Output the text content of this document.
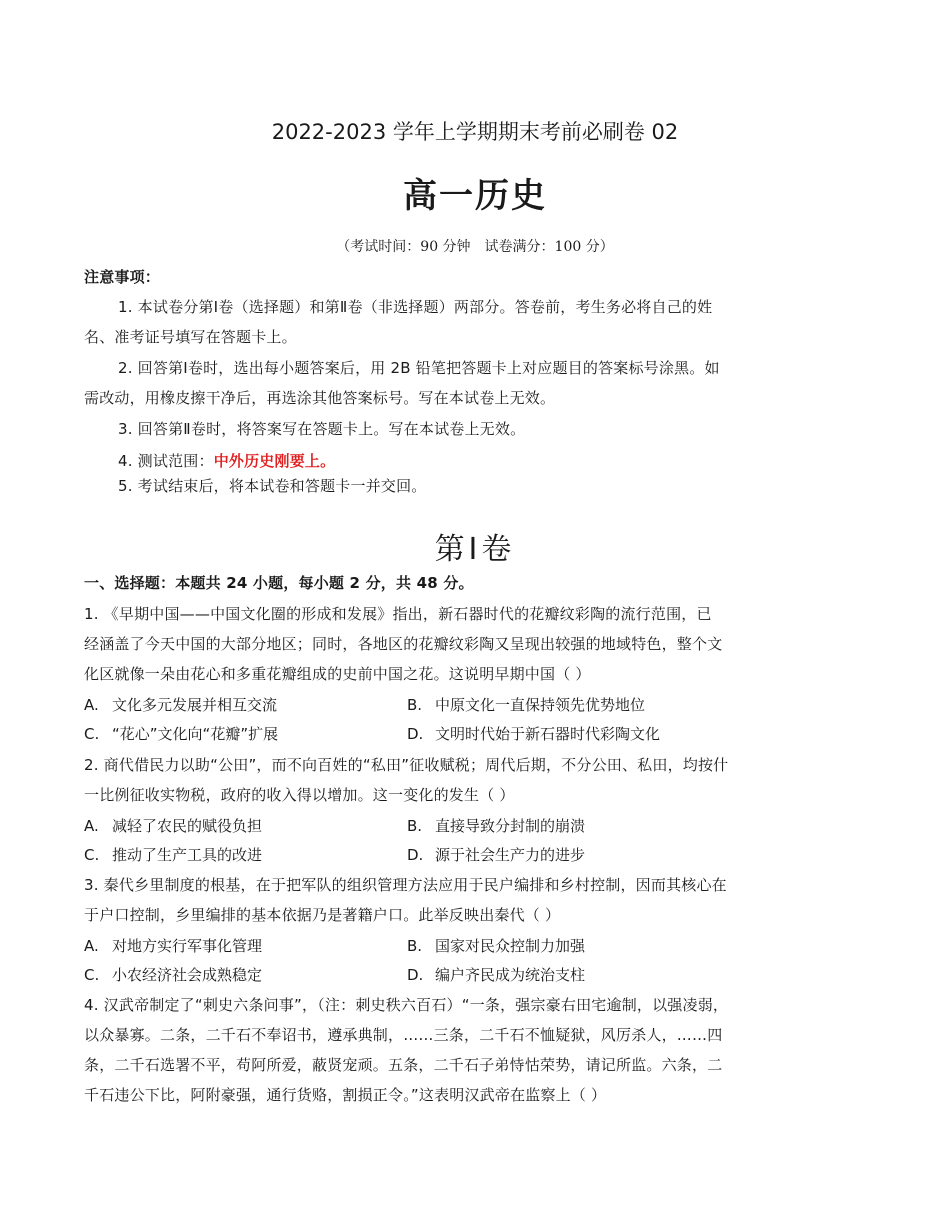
2022-2023 学年上学期期末考前必刷卷 02
高一历史
（考试时间：90 分钟　试卷满分：100 分）
注意事项：
1. 本试卷分第Ⅰ卷（选择题）和第Ⅱ卷（非选择题）两部分。答卷前，考生务必将自己的姓
名、准考证号填写在答题卡上。
2. 回答第Ⅰ卷时，选出每小题答案后，用 2B 铅笔把答题卡上对应题目的答案标号涂黑。如
需改动，用橡皮擦干净后，再选涂其他答案标号。写在本试卷上无效。
3. 回答第Ⅱ卷时，将答案写在答题卡上。写在本试卷上无效。
4. 测试范围：中外历史刚要上。
5. 考试结束后，将本试卷和答题卡一并交回。
第Ⅰ卷
一、选择题：本题共 24 小题，每小题 2 分，共 48 分。
1. 《早期中国——中国文化圈的形成和发展》指出，新石器时代的花瓣纹彩陶的流行范围，已
经涵盖了今天中国的大部分地区；同时，各地区的花瓣纹彩陶又呈现出较强的地域特色，整个文
化区就像一朵由花心和多重花瓣组成的史前中国之花。这说明早期中国（ ）
A. 文化多元发展并相互交流	B. 中原文化一直保持领先优势地位
C. “花心”文化向“花瓣”扩展	D. 文明时代始于新石器时代彩陶文化
2. 商代借民力以助“公田”，而不向百姓的“私田”征收赋税；周代后期，不分公田、私田，均按什
一比例征收实物税，政府的收入得以增加。这一变化的发生（ ）
A. 减轻了农民的赋役负担	B. 直接导致分封制的崩溃
C. 推动了生产工具的改进	D. 源于社会生产力的进步
3. 秦代乡里制度的根基，在于把军队的组织管理方法应用于民户编排和乡村控制，因而其核心在
于户口控制，乡里编排的基本依据乃是著籍户口。此举反映出秦代（ ）
A. 对地方实行军事化管理	B. 国家对民众控制力加强
C. 小农经济社会成熟稳定	D. 编户齐民成为统治支柱
4. 汉武帝制定了“刺史六条问事”，（注：刺史秩六百石）“一条，强宗豪右田宅逾制，以强凌弱，
以众暴寡。二条，二千石不奉诏书，遵承典制，……三条，二千石不恤疑狱，风厉杀人，……四
条，二千石选署不平，苟阿所爱，蔽贤宠顽。五条，二千石子弟恃怙荣势，请记所监。六条，二
千石违公下比，阿附豪强，通行货赂，割损正令。”这表明汉武帝在监察上（ ）
